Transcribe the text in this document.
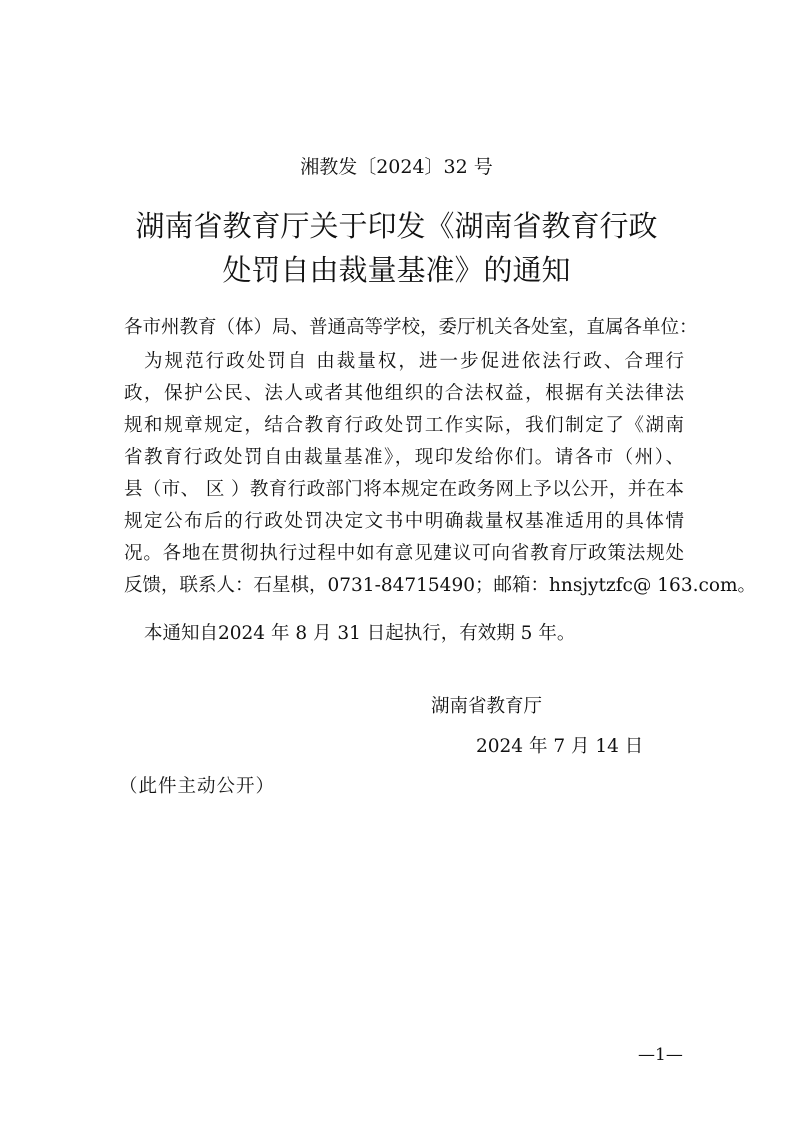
湘教发〔2024〕32 号
湖南省教育厅关于印发《湖南省教育行政
处罚自由裁量基准》的通知
各市州教育（体）局、普通高等学校，委厅机关各处室，直属各单位：
为规范行政处罚自 由裁量权，进一步促进依法行政、合理行
政，保护公民、法人或者其他组织的合法权益，根据有关法律法
规和规章规定，结合教育行政处罚工作实际，我们制定了《湖南
省教育行政处罚自由裁量基准》，现印发给你们。请各市（州）、
县（市、 区 ）教育行政部门将本规定在政务网上予以公开，并在本
规定公布后的行政处罚决定文书中明确裁量权基准适用的具体情
况。各地在贯彻执行过程中如有意见建议可向省教育厅政策法规处
反馈，联系人：石星棋，0731-84715490；邮箱：hnsjytzfc@ 163.com。
本通知自2024 年 8 月 31 日起执行，有效期 5 年。
湖南省教育厅
2024 年 7 月 14 日
（此件主动公开）
—1—
